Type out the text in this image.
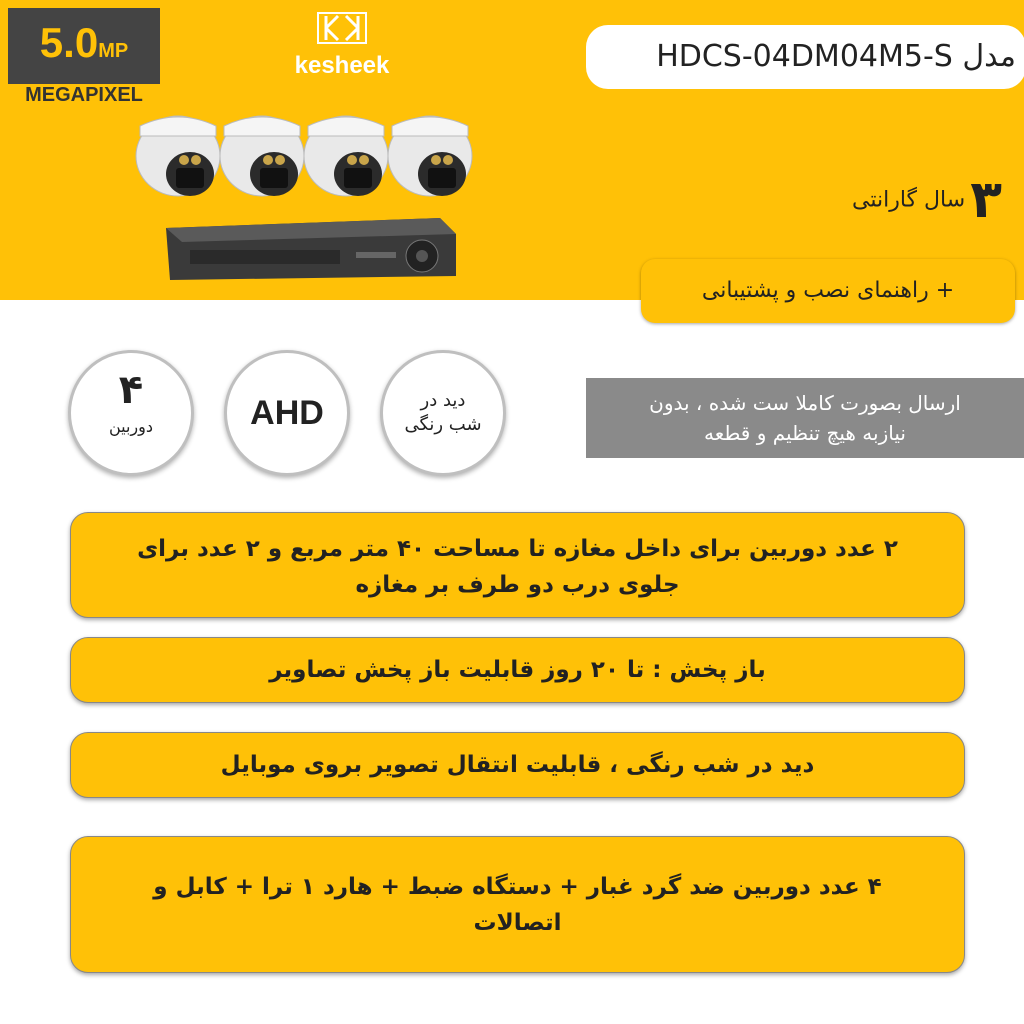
5.0MP
MEGAPIXEL
kesheek	مدل HDCS-04DM04M5-S
۳ سال گارانتی
+ راهنمای نصب و پشتیبانی
۴
دوربین	AHD	دید در
شب رنگی
ارسال بصورت کاملا ست شده ، بدون
نیازبه هیچ تنظیم و قطعه
۲ عدد دوربین برای داخل مغازه تا مساحت ۴۰ متر مربع و ۲ عدد برای
جلوی درب دو طرف بر مغازه
باز پخش : تا ۲۰ روز قابلیت باز پخش تصاویر
دید در شب رنگی ، قابلیت انتقال تصویر بروی موبایل
۴ عدد دوربین ضد گرد غبار + دستگاه ضبط + هارد ۱ ترا + کابل و
اتصالات
